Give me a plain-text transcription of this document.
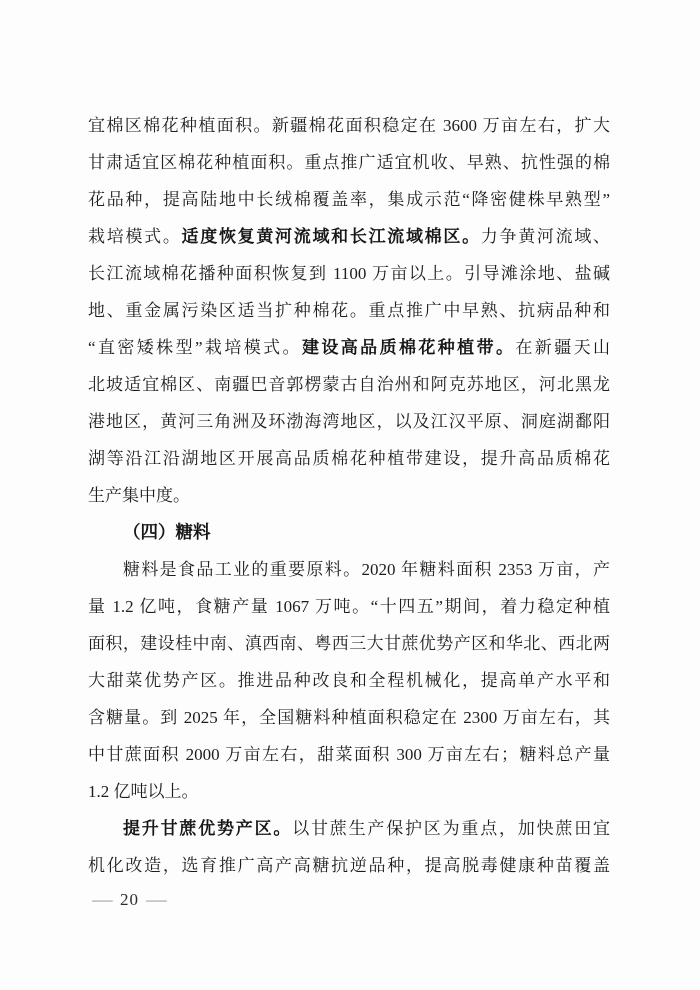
宜棉区棉花种植面积。新疆棉花面积稳定在 3600 万亩左右，扩大
甘肃适宜区棉花种植面积。重点推广适宜机收、早熟、抗性强的棉
花品种，提高陆地中长绒棉覆盖率，集成示范“降密健株早熟型”
栽培模式。适度恢复黄河流域和长江流域棉区。力争黄河流域、
长江流域棉花播种面积恢复到 1100 万亩以上。引导滩涂地、盐碱
地、重金属污染区适当扩种棉花。重点推广中早熟、抗病品种和
“直密矮株型”栽培模式。建设高品质棉花种植带。在新疆天山
北坡适宜棉区、南疆巴音郭楞蒙古自治州和阿克苏地区，河北黑龙
港地区，黄河三角洲及环渤海湾地区，以及江汉平原、洞庭湖鄱阳
湖等沿江沿湖地区开展高品质棉花种植带建设，提升高品质棉花
生产集中度。
（四）糖料
糖料是食品工业的重要原料。2020 年糖料面积 2353 万亩，产
量 1.2 亿吨，食糖产量 1067 万吨。“十四五”期间，着力稳定种植
面积，建设桂中南、滇西南、粤西三大甘蔗优势产区和华北、西北两
大甜菜优势产区。推进品种改良和全程机械化，提高单产水平和
含糖量。到 2025 年，全国糖料种植面积稳定在 2300 万亩左右，其
中甘蔗面积 2000 万亩左右，甜菜面积 300 万亩左右；糖料总产量
1.2 亿吨以上。
提升甘蔗优势产区。以甘蔗生产保护区为重点，加快蔗田宜
机化改造，选育推广高产高糖抗逆品种，提高脱毒健康种苗覆盖
— 20 —
